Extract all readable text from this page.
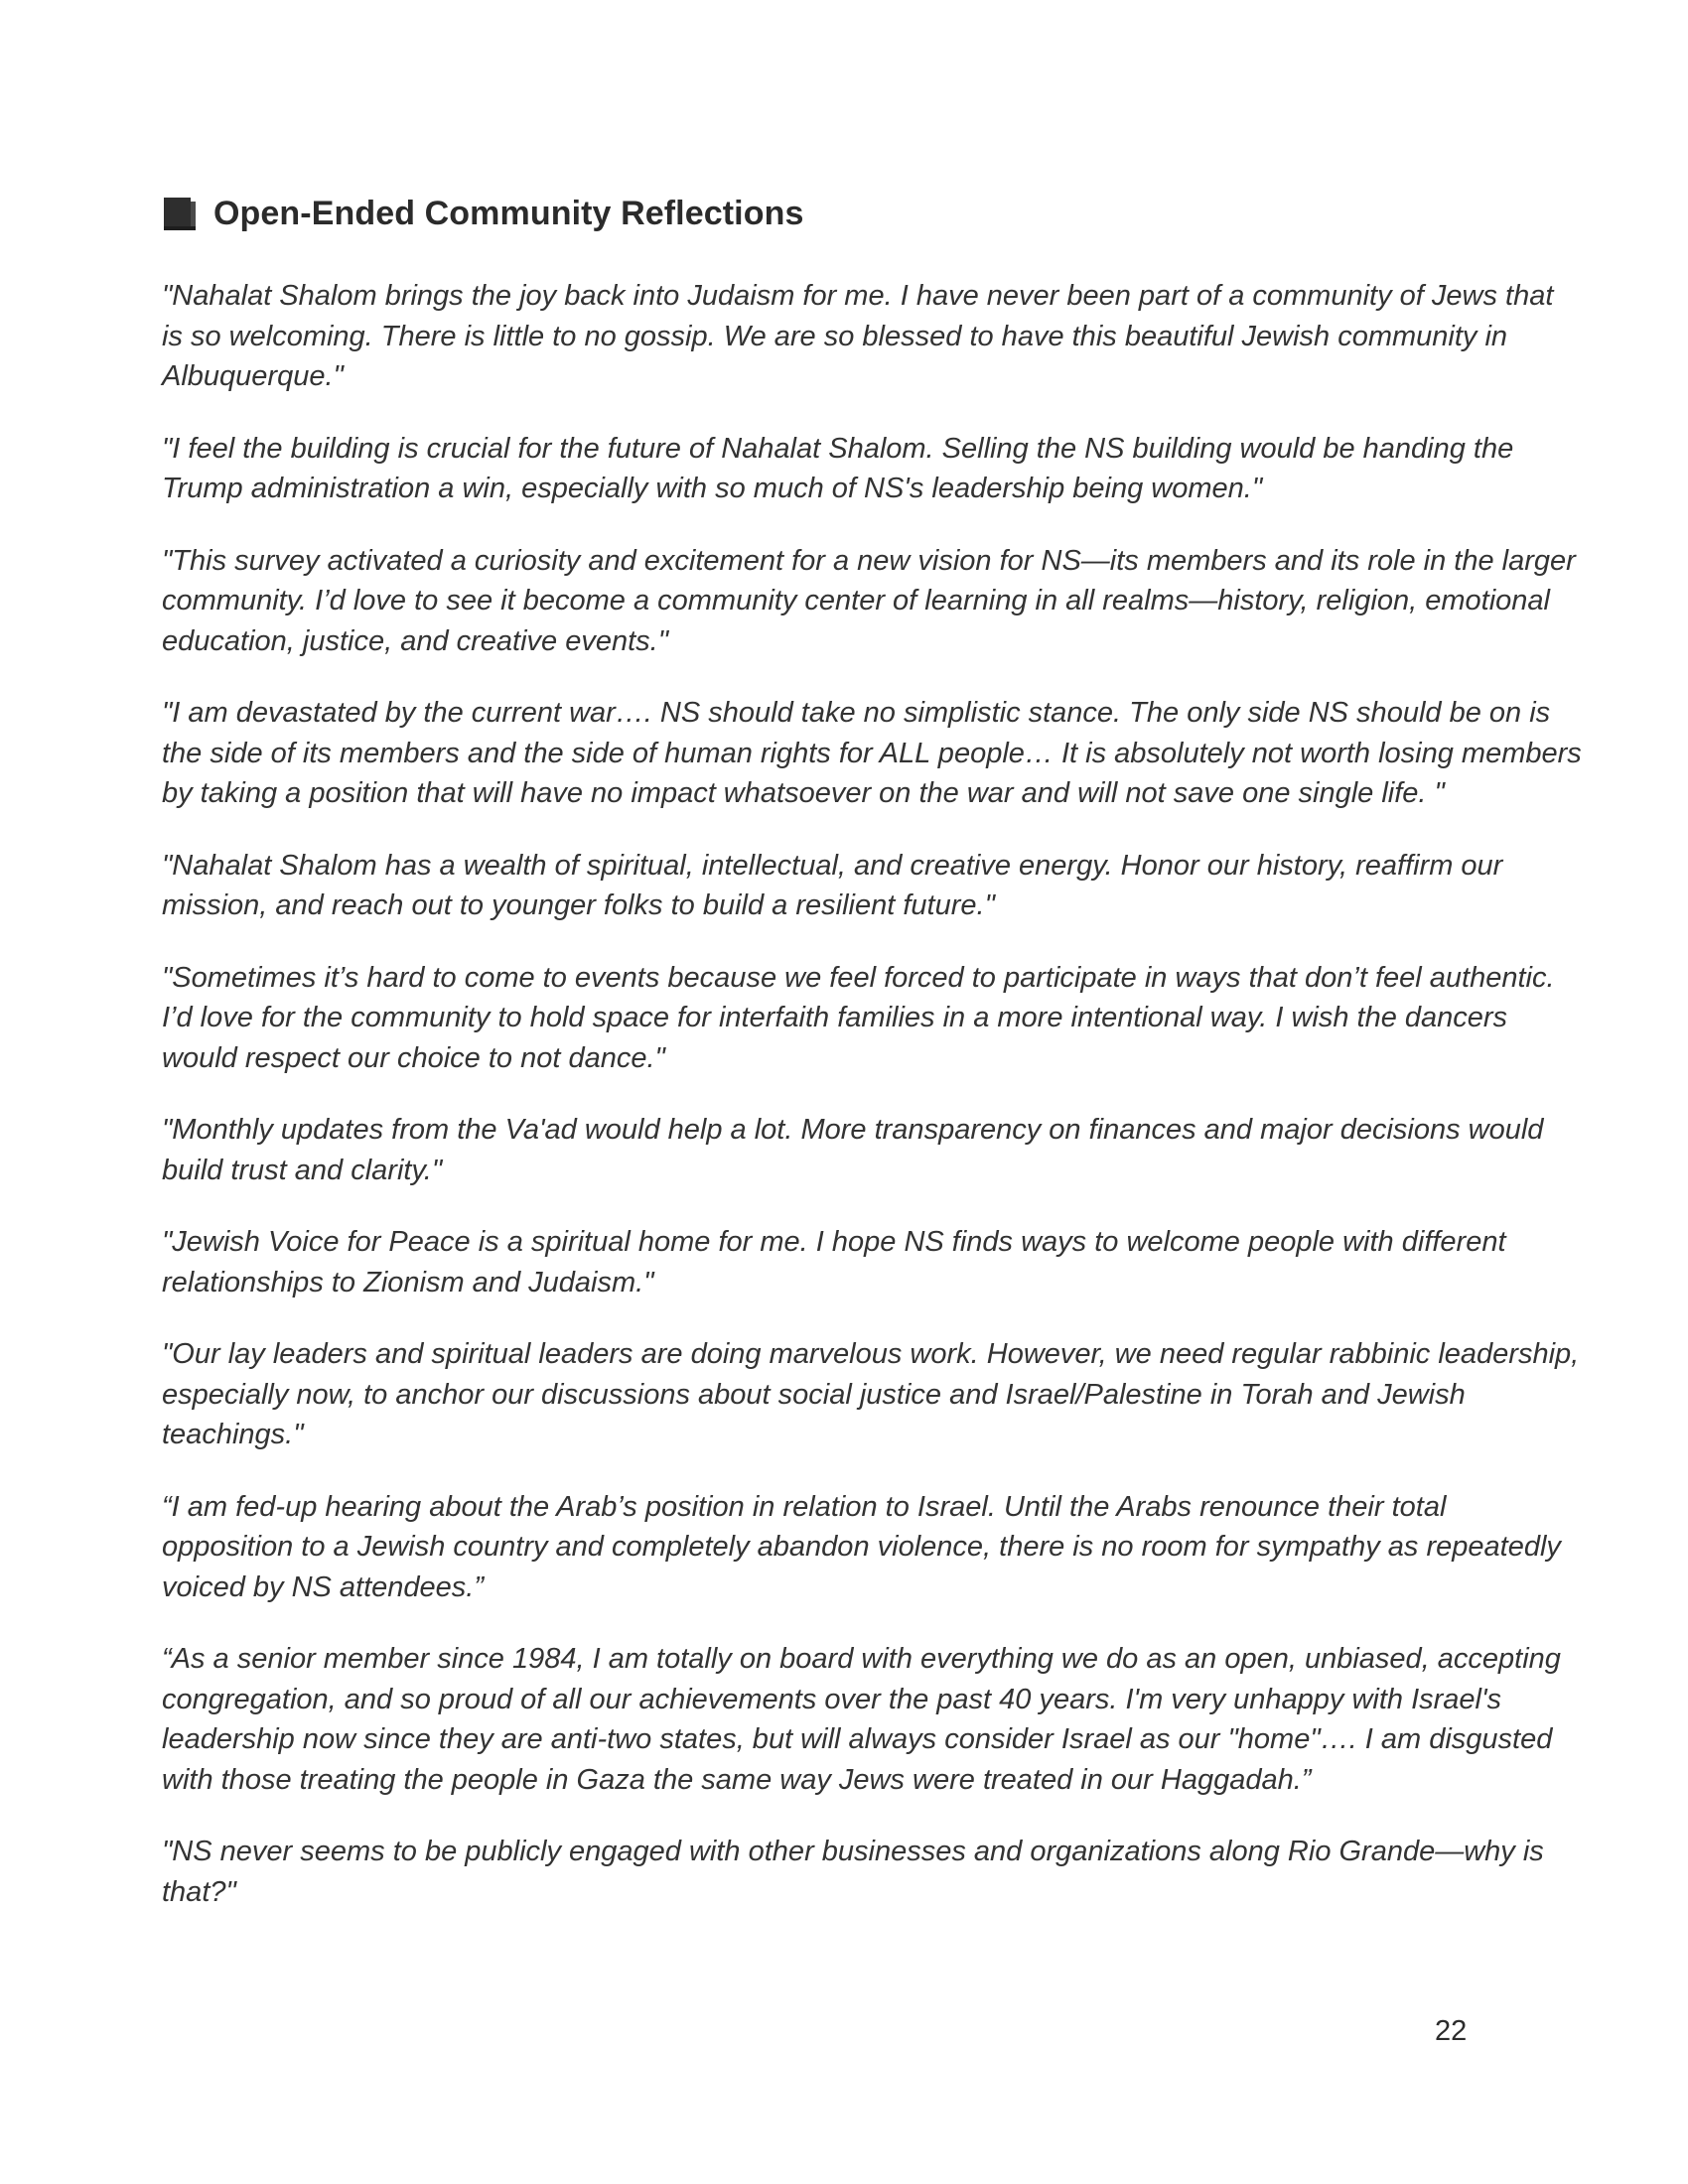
Open-Ended Community Reflections

"Nahalat Shalom brings the joy back into Judaism for me. I have never been part of a community of Jews that is so welcoming. There is little to no gossip. We are so blessed to have this beautiful Jewish community in Albuquerque."

"I feel the building is crucial for the future of Nahalat Shalom. Selling the NS building would be handing the Trump administration a win, especially with so much of NS's leadership being women."

"This survey activated a curiosity and excitement for a new vision for NS—its members and its role in the larger community. I’d love to see it become a community center of learning in all realms—history, religion, emotional education, justice, and creative events."

"I am devastated by the current war…. NS should take no simplistic stance. The only side NS should be on is the side of its members and the side of human rights for ALL people… It is absolutely not worth losing members by taking a position that will have no impact whatsoever on the war and will not save one single life. "

"Nahalat Shalom has a wealth of spiritual, intellectual, and creative energy. Honor our history, reaffirm our mission, and reach out to younger folks to build a resilient future."

"Sometimes it’s hard to come to events because we feel forced to participate in ways that don’t feel authentic. I’d love for the community to hold space for interfaith families in a more intentional way. I wish the dancers would respect our choice to not dance."

"Monthly updates from the Va'ad would help a lot. More transparency on finances and major decisions would build trust and clarity."

"Jewish Voice for Peace is a spiritual home for me. I hope NS finds ways to welcome people with different relationships to Zionism and Judaism."

"Our lay leaders and spiritual leaders are doing marvelous work. However, we need regular rabbinic leadership, especially now, to anchor our discussions about social justice and Israel/Palestine in Torah and Jewish teachings."

“I am fed-up hearing about the Arab’s position in relation to Israel. Until the Arabs renounce their total opposition to a Jewish country and completely abandon violence, there is no room for sympathy as repeatedly voiced by NS attendees.”

“As a senior member since 1984, I am totally on board with everything we do as an open, unbiased, accepting congregation, and so proud of all our achievements over the past 40 years. I'm very unhappy with Israel's leadership now since they are anti-two states, but will always consider Israel as our "home"…. I am disgusted with those treating the people in Gaza the same way Jews were treated in our Haggadah.”

"NS never seems to be publicly engaged with other businesses and organizations along Rio Grande—why is that?"

22
